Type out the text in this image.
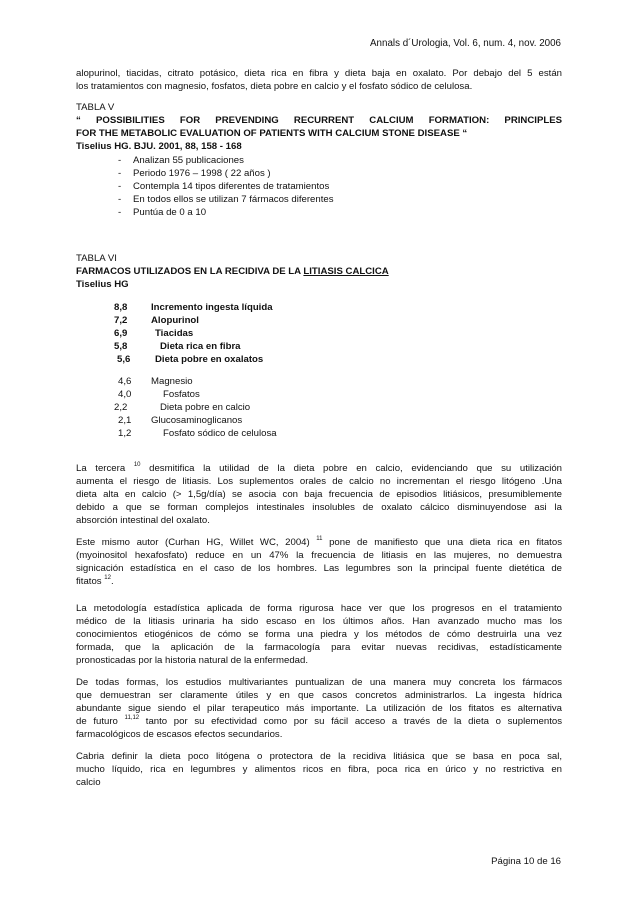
Annals d´Urologia, Vol. 6, num. 4, nov. 2006
alopurinol, tiacidas, citrato potásico, dieta rica en fibra y dieta baja en oxalato. Por debajo del 5 están
los tratamientos con magnesio, fosfatos, dieta pobre en calcio y el fosfato sódico de celulosa.
TABLA V
“ POSSIBILITIES FOR PREVENDING RECURRENT CALCIUM FORMATION: PRINCIPLES
FOR THE METABOLIC EVALUATION OF PATIENTS WITH CALCIUM STONE DISEASE “
Tiselius HG. BJU. 2001, 88, 158 - 168
- Analizan 55 publicaciones
- Periodo 1976 – 1998 ( 22 años )
- Contempla 14 tipos diferentes de tratamientos
- En todos ellos se utilizan 7 fármacos diferentes
- Puntúa de 0 a 10
TABLA VI
FARMACOS UTILIZADOS EN LA RECIDIVA DE LA LITIASIS CALCICA
Tiselius HG
8,8 Incremento ingesta líquida
7,2 Alopurinol
6,9	Tiacidas
5,8	Dieta rica en fibra
5,6	Dieta pobre en oxalatos
4,6 Magnesio
4,0	Fosfatos
2,2	Dieta pobre en calcio
2,1 Glucosaminoglicanos
1,2	Fosfato sódico de celulosa
La tercera $^{10}$ desmitifica la utilidad de la dieta pobre en calcio, evidenciando que su utilización
aumenta el riesgo de litiasis. Los suplementos orales de calcio no incrementan el riesgo litógeno .Una
dieta alta en calcio (> 1,5g/día) se asocia con baja frecuencia de episodios litiásicos, presumiblemente
debido a que se forman complejos intestinales insolubles de oxalato cálcico disminuyendose asi la
absorción intestinal del oxalato.
Este mismo autor (Curhan HG, Willet WC, 2004) $^{11}$ pone de manifiesto que una dieta rica en fitatos
(myoinositol hexafosfato) reduce en un 47% la frecuencia de litiasis en las mujeres, no demuestra
signicación estadística en el caso de los hombres. Las legumbres son la principal fuente dietética de
fitatos $^{12}$.
La metodología estadística aplicada de forma rigurosa hace ver que los progresos en el tratamiento
médico de la litiasis urinaria ha sido escaso en los últimos años. Han avanzado mucho mas los
conocimientos etiogénicos de cómo se forma una piedra y los métodos de cómo destruirla una vez
formada, que la aplicación de la farmacología para evitar nuevas recidivas, estadísticamente
pronosticadas por la historia natural de la enfermedad.
De todas formas, los estudios multivariantes puntualizan de una manera muy concreta los fármacos
que demuestran ser claramente útiles y en que casos concretos administrarlos. La ingesta hídrica
abundante sigue siendo el pilar terapeutico más importante. La utilización de los fitatos es alternativa
de futuro $^{11,12}$ tanto por su efectividad como por su fácil acceso a través de la dieta o suplementos
farmacológicos de escasos efectos secundarios.
Cabria definir la dieta poco litógena o protectora de la recidiva litiásica que se basa en poca sal,
mucho líquido, rica en legumbres y alimentos ricos en fibra, poca rica en úrico y no restrictiva en
calcio
Página 10 de 16
